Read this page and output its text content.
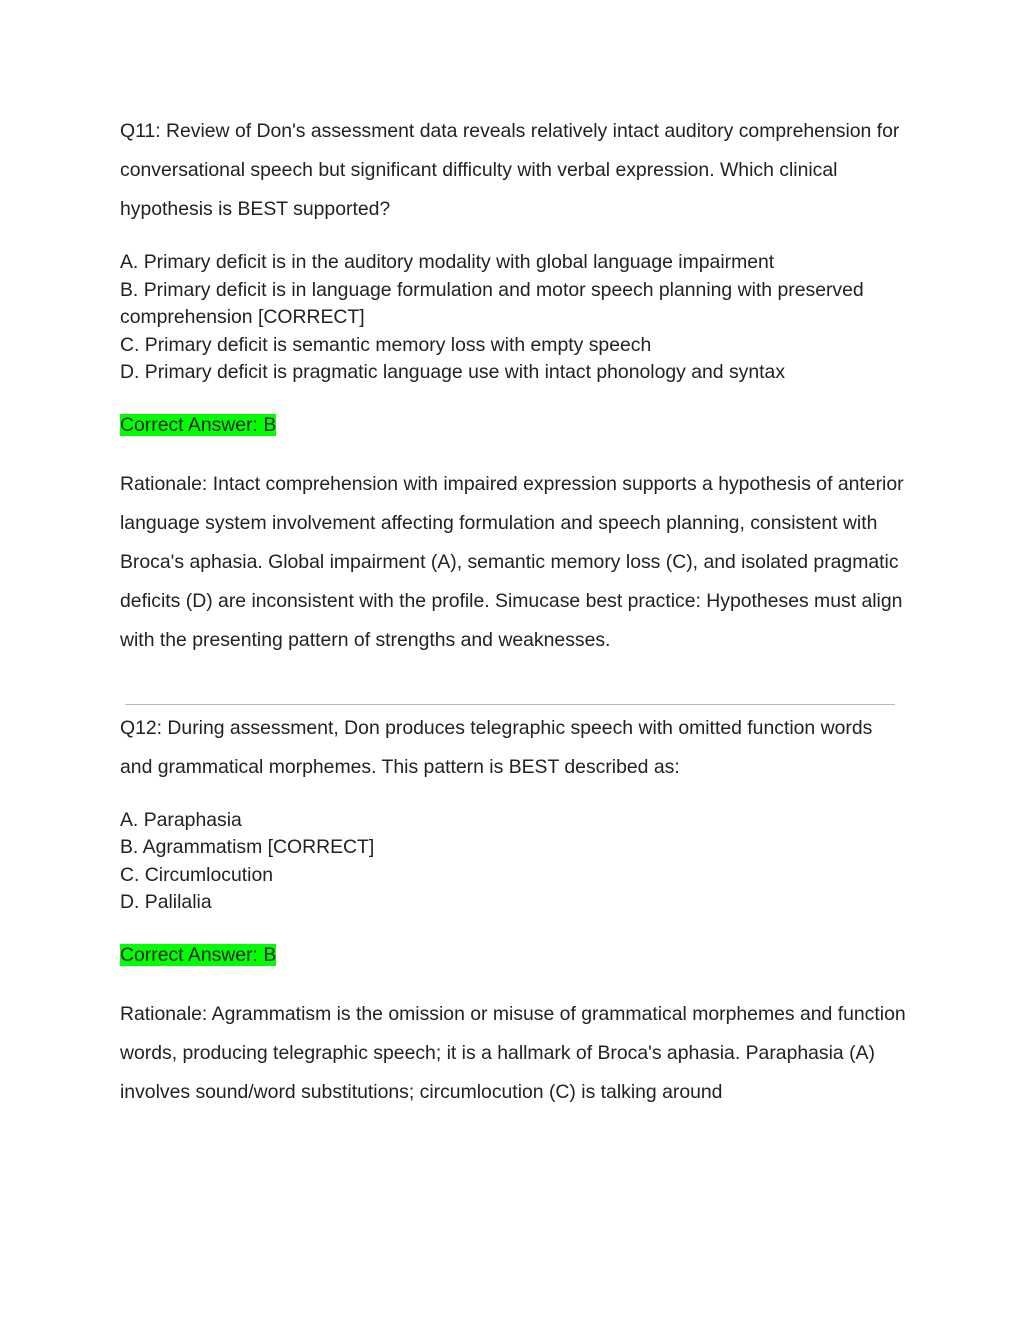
Q11: Review of Don's assessment data reveals relatively intact auditory comprehension for conversational speech but significant difficulty with verbal expression. Which clinical hypothesis is BEST supported?

A. Primary deficit is in the auditory modality with global language impairment
B. Primary deficit is in language formulation and motor speech planning with preserved comprehension [CORRECT]
C. Primary deficit is semantic memory loss with empty speech
D. Primary deficit is pragmatic language use with intact phonology and syntax
Correct Answer: B

Rationale: Intact comprehension with impaired expression supports a hypothesis of anterior language system involvement affecting formulation and speech planning, consistent with Broca's aphasia. Global impairment (A), semantic memory loss (C), and isolated pragmatic deficits (D) are inconsistent with the profile. Simucase best practice: Hypotheses must align with the presenting pattern of strengths and weaknesses.

Q12: During assessment, Don produces telegraphic speech with omitted function words and grammatical morphemes. This pattern is BEST described as:

A. Paraphasia
B. Agrammatism [CORRECT]
C. Circumlocution
D. Palilalia
Correct Answer: B

Rationale: Agrammatism is the omission or misuse of grammatical morphemes and function words, producing telegraphic speech; it is a hallmark of Broca's aphasia. Paraphasia (A) involves sound/word substitutions; circumlocution (C) is talking around
